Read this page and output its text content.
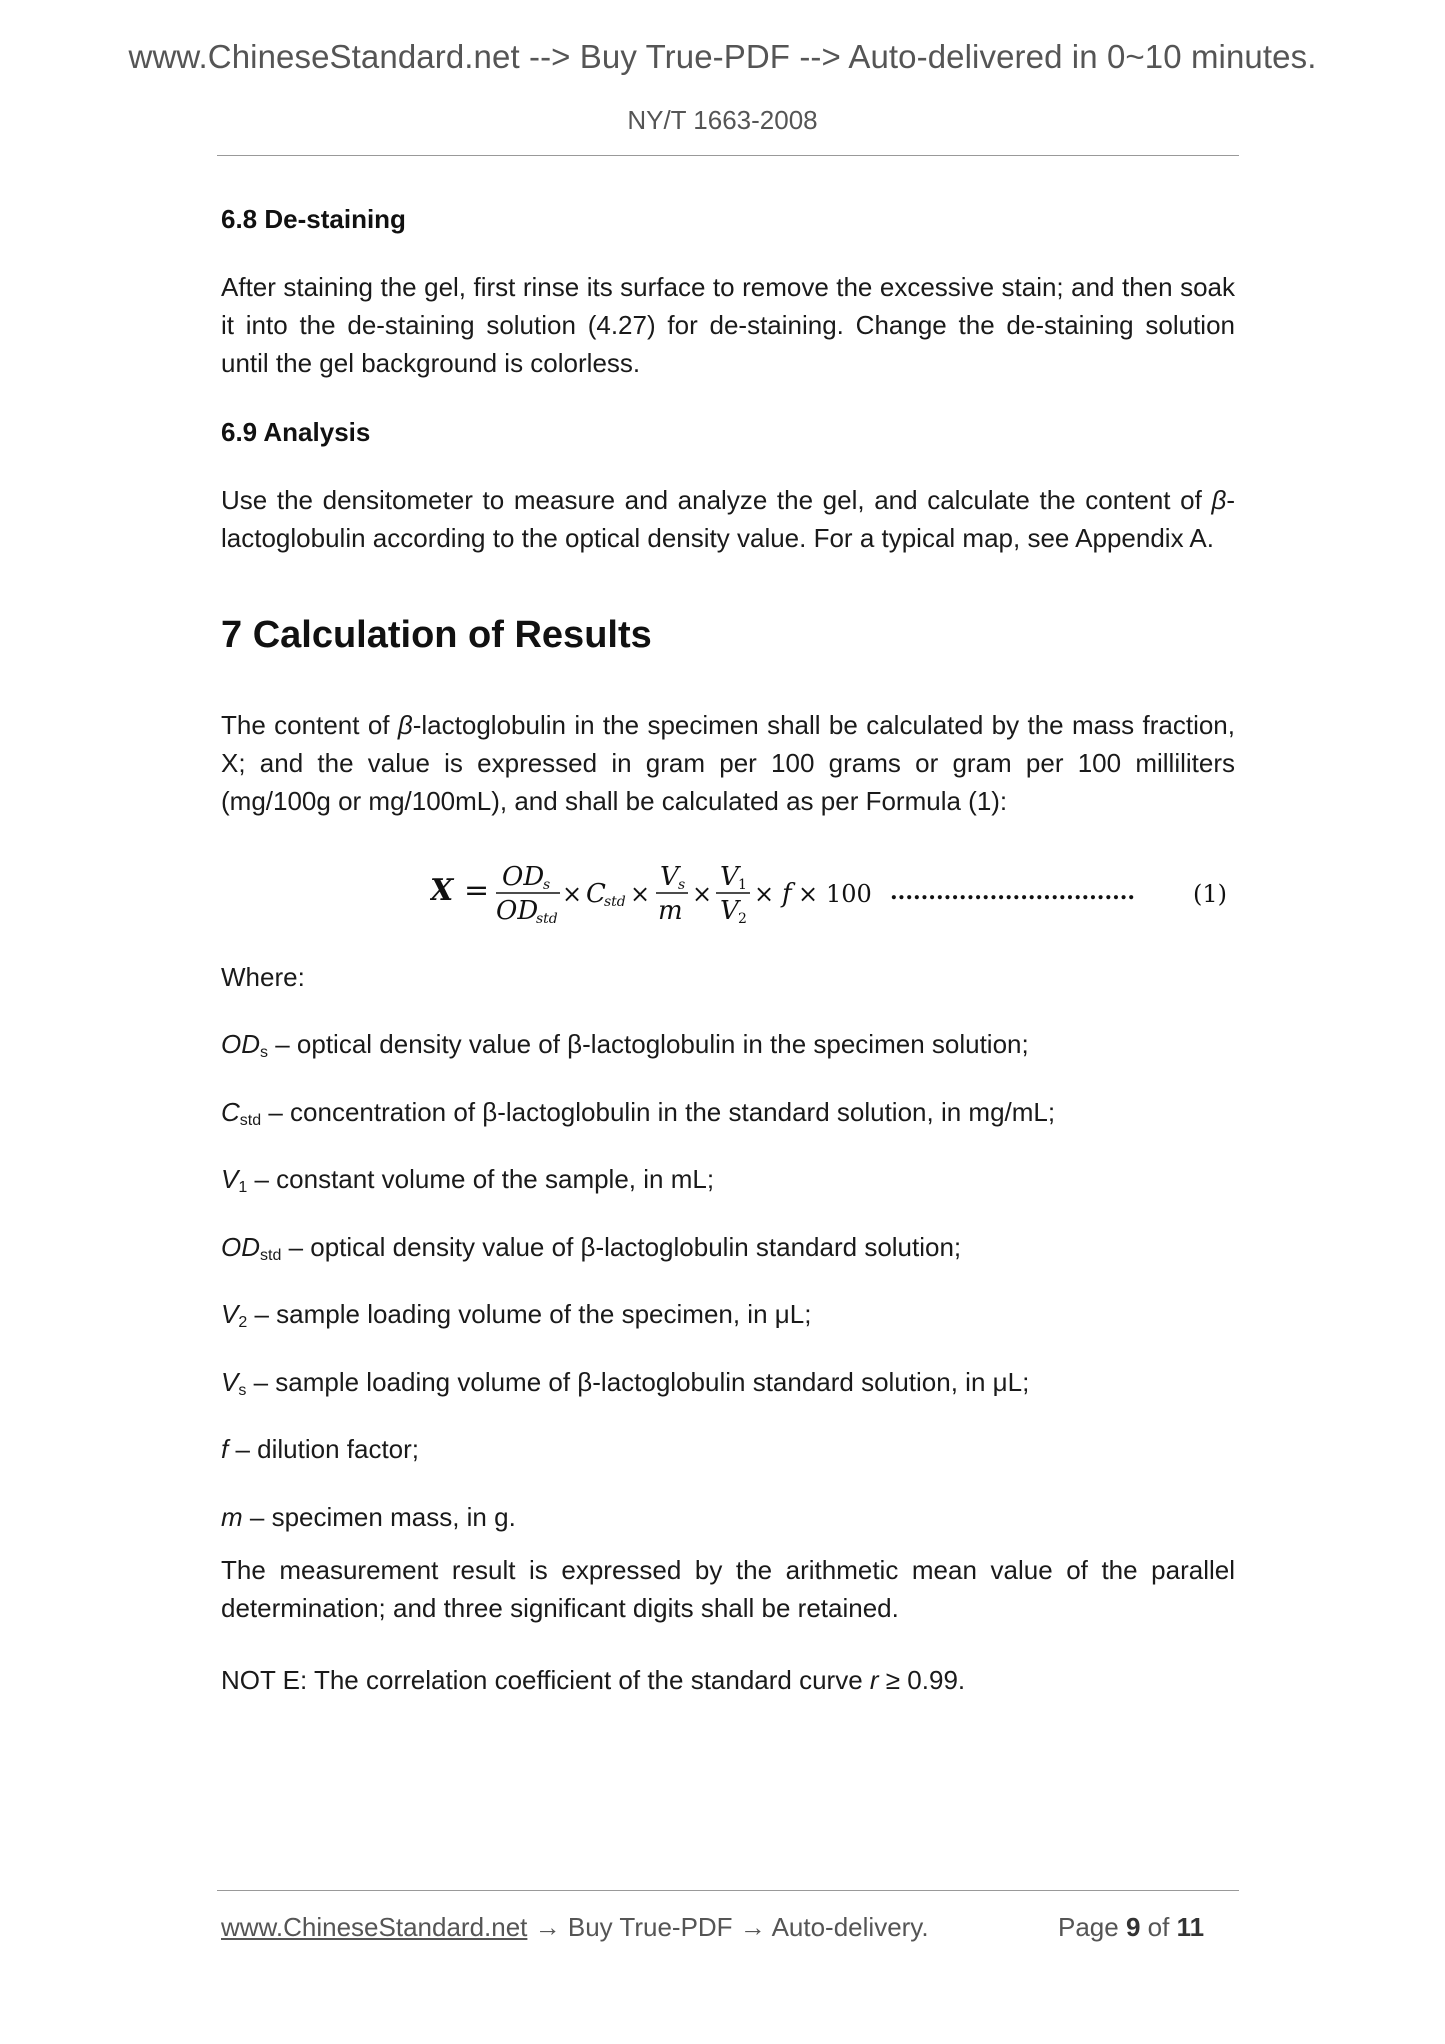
www.ChineseStandard.net --> Buy True-PDF --> Auto-delivered in 0~10 minutes.
NY/T 1663-2008
6.8 De-staining
After staining the gel, first rinse its surface to remove the excessive stain; and then soak it into the de-staining solution (4.27) for de-staining. Change the de-staining solution until the gel background is colorless.
6.9 Analysis
Use the densitometer to measure and analyze the gel, and calculate the content of β-lactoglobulin according to the optical density value. For a typical map, see Appendix A.
7 Calculation of Results
The content of β-lactoglobulin in the specimen shall be calculated by the mass fraction, X; and the value is expressed in gram per 100 grams or gram per 100 milliliters (mg/100g or mg/100mL), and shall be calculated as per Formula (1):
X = OD
s
OD
std
× C
std ×
V s
m
×
V 1
V 2
× f × 100 ................................ (1)
Where:
$OD_s$ – optical density value of β-lactoglobulin in the specimen solution;
$C_{std}$ – concentration of β-lactoglobulin in the standard solution, in mg/mL;
$V_1$ – constant volume of the sample, in mL;
$OD_{std}$ – optical density value of β-lactoglobulin standard solution;
$V_2$ – sample loading volume of the specimen, in μL;
$V_s$ – sample loading volume of β-lactoglobulin standard solution, in μL;
f – dilution factor;
m – specimen mass, in g.
The measurement result is expressed by the arithmetic mean value of the parallel determination; and three significant digits shall be retained.
NOT E: The correlation coefficient of the standard curve r ≥ 0.99.
www.ChineseStandard.net → Buy True-PDF → Auto-delivery.	Page 9 of 11
